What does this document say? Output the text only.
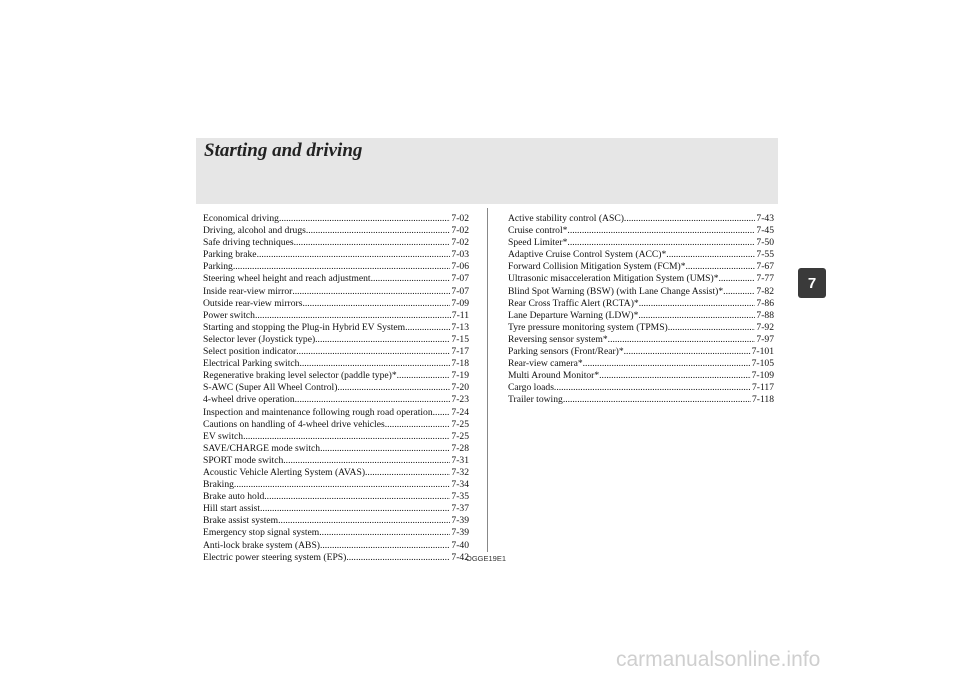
Starting and driving
Economical driving .....	7-02
Driving, alcohol and drugs .....	7-02
Safe driving techniques .....	7-02
Parking brake .....	7-03
Parking .....	7-06
Steering wheel height and reach adjustment .....	7-07
Inside rear-view mirror .....	7-07
Outside rear-view mirrors .....	7-09
Power switch .....	7-11
Starting and stopping the Plug-in Hybrid EV System .....	7-13
Selector lever (Joystick type) .....	7-15
Select position indicator .....	7-17
Electrical Parking switch .....	7-18
Regenerative braking level selector (paddle type)* .....	7-19
S-AWC (Super All Wheel Control) .....	7-20
4-wheel drive operation .....	7-23
Inspection and maintenance following rough road operation ..... 7-24
Cautions on handling of 4-wheel drive vehicles .....	7-25
EV switch .....	7-25
SAVE/CHARGE mode switch .....	7-28
SPORT mode switch .....	7-31
Acoustic Vehicle Alerting System (AVAS) .....	7-32
Braking .....	7-34
Brake auto hold .....	7-35
Hill start assist .....	7-37
Brake assist system .....	7-39
Emergency stop signal system .....	7-39
Anti-lock brake system (ABS) .....	7-40
Electric power steering system (EPS) .....	7-42
Active stability control (ASC) .....	7-43
Cruise control* .....	7-45
Speed Limiter* .....	7-50
Adaptive Cruise Control System (ACC)* .....	7-55
Forward Collision Mitigation System (FCM)* .....	7-67
Ultrasonic misacceleration Mitigation System (UMS)* .....	7-77
Blind Spot Warning (BSW) (with Lane Change Assist)* .....	7-82
Rear Cross Traffic Alert (RCTA)* .....	7-86
Lane Departure Warning (LDW)* .....	7-88
Tyre pressure monitoring system (TPMS) .....	7-92
Reversing sensor system* .....	7-97
Parking sensors (Front/Rear)* .....	7-101
Rear-view camera* .....	7-105
Multi Around Monitor* .....	7-109
Cargo loads .....	7-117
Trailer towing .....	7-118
7
OGGE19E1
carmanualsonline.info
